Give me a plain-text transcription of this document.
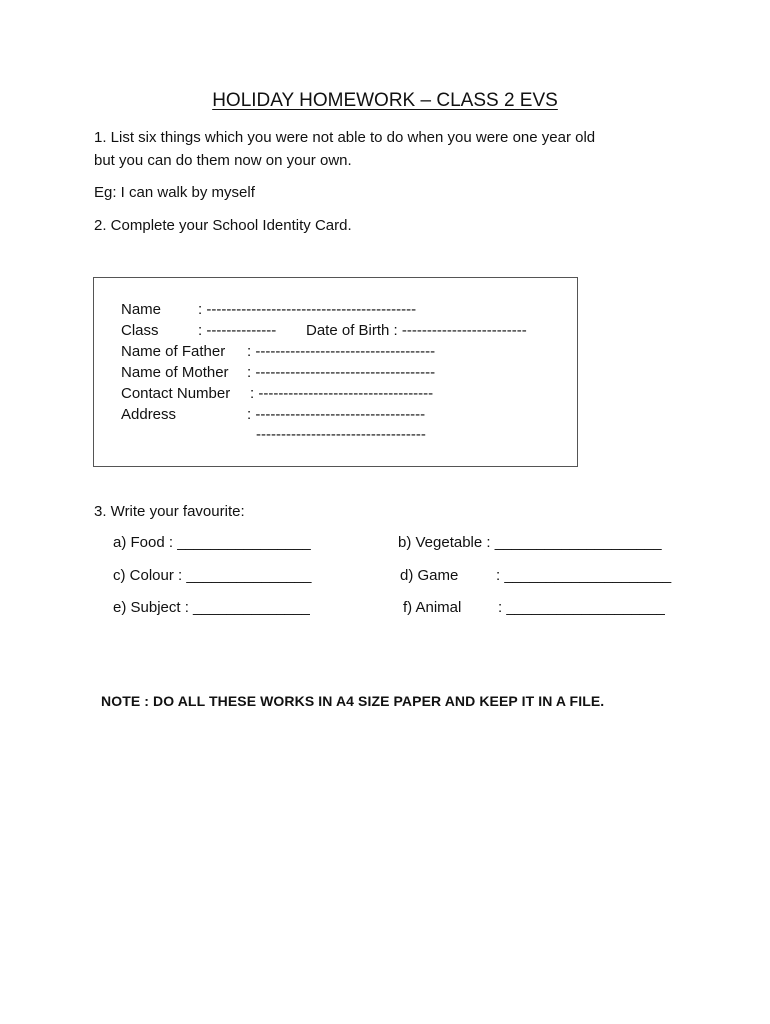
HOLIDAY HOMEWORK – CLASS 2 EVS
1. List six things which you were not able to do when you were one year old
but you can do them now on your own.
Eg: I can walk by myself
2. Complete your School Identity Card.
Name : ------------------------------------------
Class	: -------------- Date of Birth : -------------------------
Name of Father : ------------------------------------
Name of Mother : ------------------------------------
Contact Number : -----------------------------------
Address	: ----------------------------------
----------------------------------
3. Write your favourite:
a) Food : ________________	b) Vegetable : ____________________
c) Colour : _______________	d) Game	: ____________________
e) Subject : ______________	f) Animal : ___________________
NOTE : DO ALL THESE WORKS IN A4 SIZE PAPER AND KEEP IT IN A FILE.
